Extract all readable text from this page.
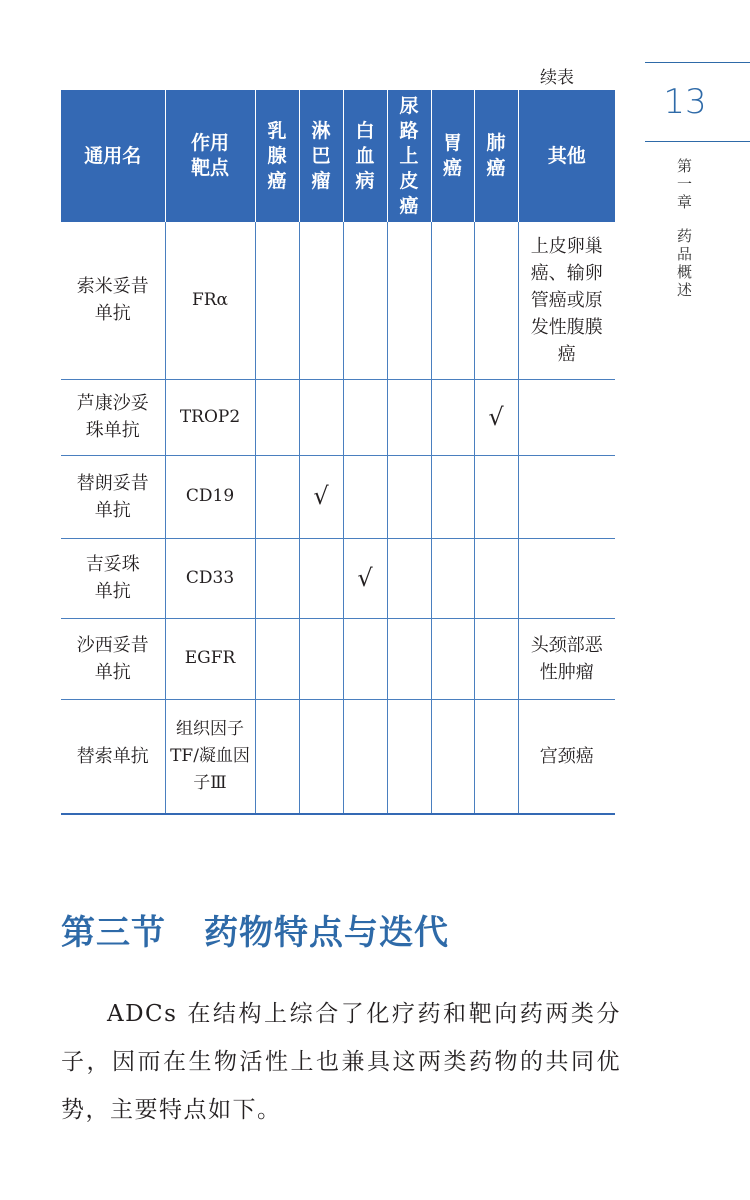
13
第一章药品概述
续表
通用名	作用靶点	乳腺癌	淋巴瘤	白血病	尿路上皮癌	胃癌	肺癌	其他
索米妥昔单抗	FRα							上皮卵巢癌、输卵管癌或原发性腹膜癌
芦康沙妥珠单抗	TROP2						√	
替朗妥昔单抗	CD19		√					
吉妥珠单抗	CD33			√				
沙西妥昔单抗	EGFR							头颈部恶性肿瘤
替索单抗	组织因子TF/凝血因子Ⅲ							宫颈癌
第三节 药物特点与迭代
ADCs 在结构上综合了化疗药和靶向药两类分子，因而在生物活性上也兼具这两类药物的共同优势，主要特点如下。
